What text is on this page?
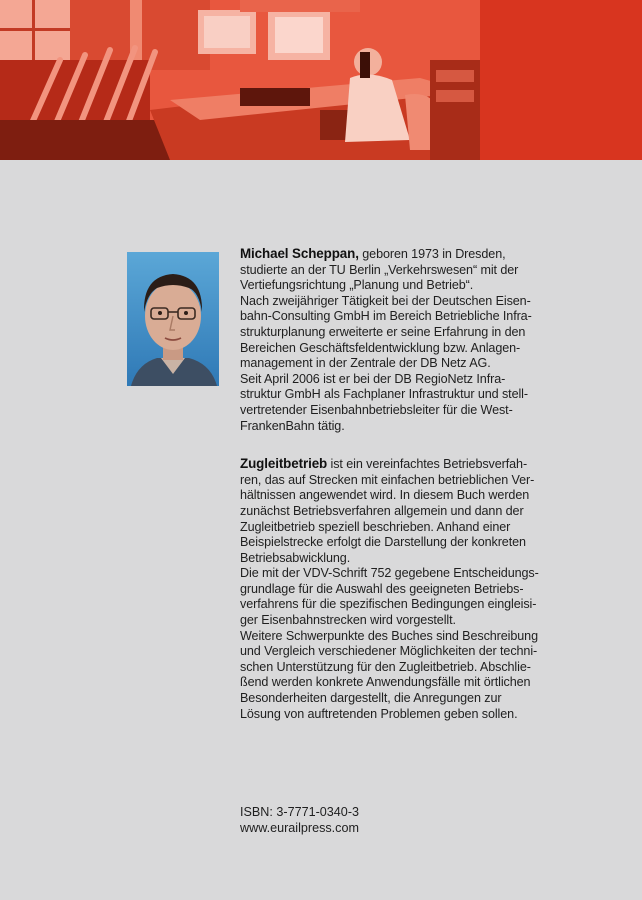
Michael Scheppan, geboren 1973 in Dresden,

studierte an der TU Berlin „Verkehrswesen“ mit der

Vertiefungsrichtung „Planung und Betrieb“.

Nach zweijähriger Tätigkeit bei der Deutschen Eisen-

bahn-Consulting GmbH im Bereich Betriebliche Infra-

strukturplanung erweiterte er seine Erfahrung in den

Bereichen Geschäftsfeldentwicklung bzw. Anlagen-

management in der Zentrale der DB Netz AG.

Seit April 2006 ist er bei der DB RegioNetz Infra-

struktur GmbH als Fachplaner Infrastruktur und stell-

vertretender Eisenbahnbetriebsleiter für die West-

FrankenBahn tätig.

Zugleitbetrieb ist ein vereinfachtes Betriebsverfah-

ren, das auf Strecken mit einfachen betrieblichen Ver-

hältnissen angewendet wird. In diesem Buch werden

zunächst Betriebsverfahren allgemein und dann der

Zugleitbetrieb speziell beschrieben. Anhand einer

Beispielstrecke erfolgt die Darstellung der konkreten

Betriebsabwicklung.

Die mit der VDV-Schrift 752 gegebene Entscheidungs-

grundlage für die Auswahl des geeigneten Betriebs-

verfahrens für die spezifischen Bedingungen eingleisi-

ger Eisenbahnstrecken wird vorgestellt.

Weitere Schwerpunkte des Buches sind Beschreibung

und Vergleich verschiedener Möglichkeiten der techni-

schen Unterstützung für den Zugleitbetrieb. Abschlie-

ßend werden konkrete Anwendungsfälle mit örtlichen

Besonderheiten dargestellt, die Anregungen zur

Lösung von auftretenden Problemen geben sollen.

ISBN: 3-7771-0340-3
www.eurailpress.com
